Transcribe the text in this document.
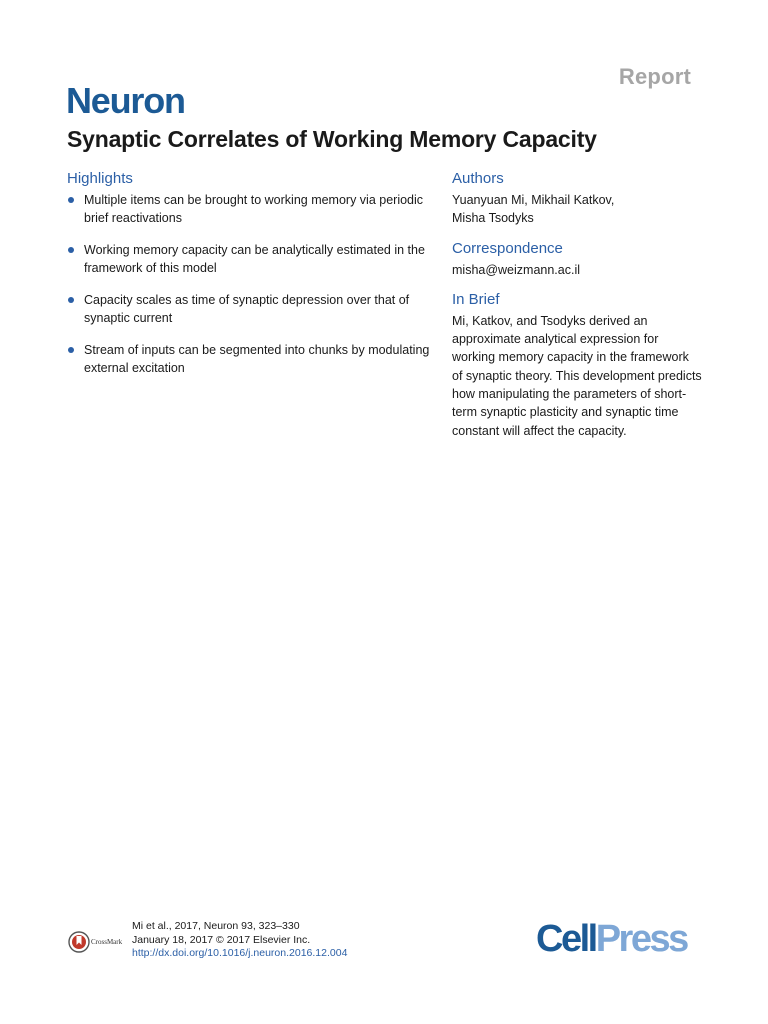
Report
Neuron
Synaptic Correlates of Working Memory Capacity
Highlights
Multiple items can be brought to working memory via periodic brief reactivations
Working memory capacity can be analytically estimated in the framework of this model
Capacity scales as time of synaptic depression over that of synaptic current
Stream of inputs can be segmented into chunks by modulating external excitation
Authors

Yuanyuan Mi, Mikhail Katkov,
Misha Tsodyks

Correspondence

misha@weizmann.ac.il

In Brief

Mi, Katkov, and Tsodyks derived an approximate analytical expression for working memory capacity in the framework of synaptic theory. This development predicts how manipulating the parameters of short-term synaptic plasticity and synaptic time constant will affect the capacity.

CrossMark
Mi et al., 2017, Neuron 93, 323–330
January 18, 2017 © 2017 Elsevier Inc.
http://dx.doi.org/10.1016/j.neuron.2016.12.004	CellPress
